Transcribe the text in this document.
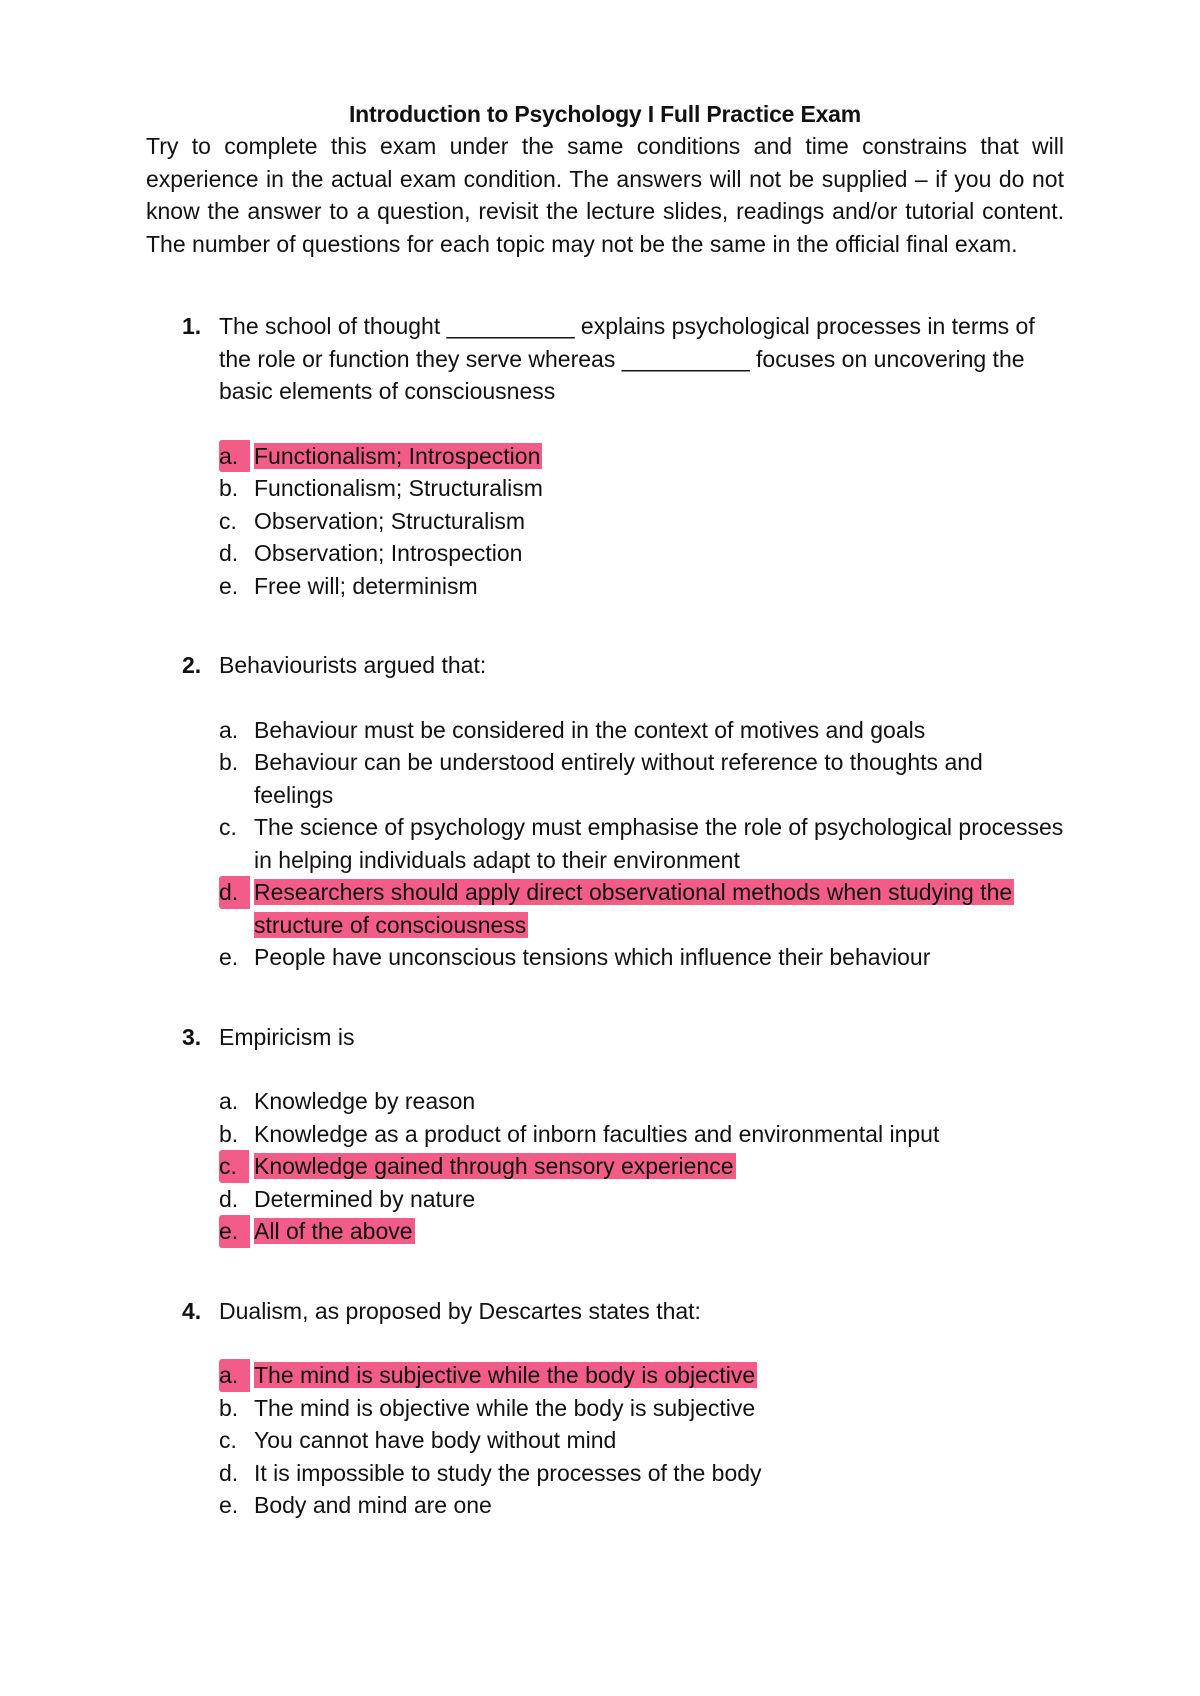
Introduction to Psychology I Full Practice Exam

Try to complete this exam under the same conditions and time constrains that will experience in the actual exam condition. The answers will not be supplied – if you do not know the answer to a question, revisit the lecture slides, readings and/or tutorial content. The number of questions for each topic may not be the same in the official final exam.

1. The school of thought __________ explains psychological processes in terms of the role or function they serve whereas __________ focuses on uncovering the basic elements of consciousness
a. Functionalism; Introspection
b. Functionalism; Structuralism
c. Observation; Structuralism
d. Observation; Introspection
e. Free will; determinism
2. Behaviourists argued that:
a. Behaviour must be considered in the context of motives and goals
b. Behaviour can be understood entirely without reference to thoughts and feelings
c. The science of psychology must emphasise the role of psychological processes in helping individuals adapt to their environment
d. Researchers should apply direct observational methods when studying the structure of consciousness
e. People have unconscious tensions which influence their behaviour
3. Empiricism is
a. Knowledge by reason
b. Knowledge as a product of inborn faculties and environmental input
c. Knowledge gained through sensory experience
d. Determined by nature
e. All of the above
4. Dualism, as proposed by Descartes states that:
a. The mind is subjective while the body is objective
b. The mind is objective while the body is subjective
c. You cannot have body without mind
d. It is impossible to study the processes of the body
e. Body and mind are one
